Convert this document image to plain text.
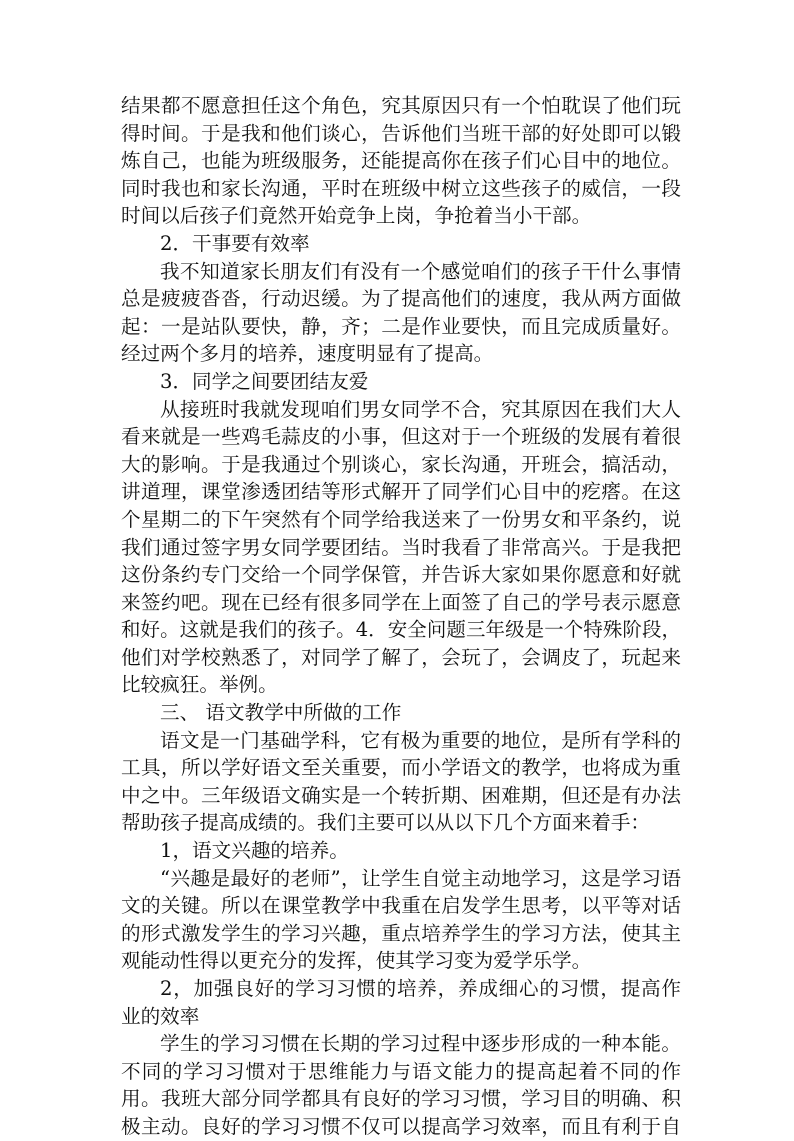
结果都不愿意担任这个角色，究其原因只有一个怕耽误了他们玩
得时间。于是我和他们谈心，告诉他们当班干部的好处即可以锻
炼自己，也能为班级服务，还能提高你在孩子们心目中的地位。
同时我也和家长沟通，平时在班级中树立这些孩子的威信，一段
时间以后孩子们竟然开始竞争上岗，争抢着当小干部。
2．干事要有效率
我不知道家长朋友们有没有一个感觉咱们的孩子干什么事情
总是疲疲沓沓，行动迟缓。为了提高他们的速度，我从两方面做
起：一是站队要快，静，齐；二是作业要快，而且完成质量好。
经过两个多月的培养，速度明显有了提高。
3．同学之间要团结友爱
从接班时我就发现咱们男女同学不合，究其原因在我们大人
看来就是一些鸡毛蒜皮的小事，但这对于一个班级的发展有着很
大的影响。于是我通过个别谈心，家长沟通，开班会，搞活动，
讲道理，课堂渗透团结等形式解开了同学们心目中的疙瘩。在这
个星期二的下午突然有个同学给我送来了一份男女和平条约，说
我们通过签字男女同学要团结。当时我看了非常高兴。于是我把
这份条约专门交给一个同学保管，并告诉大家如果你愿意和好就
来签约吧。现在已经有很多同学在上面签了自己的学号表示愿意
和好。这就是我们的孩子。4．安全问题三年级是一个特殊阶段，
他们对学校熟悉了，对同学了解了，会玩了，会调皮了，玩起来
比较疯狂。举例。
三、 语文教学中所做的工作
语文是一门基础学科，它有极为重要的地位，是所有学科的
工具，所以学好语文至关重要，而小学语文的教学，也将成为重
中之中。三年级语文确实是一个转折期、困难期，但还是有办法
帮助孩子提高成绩的。我们主要可以从以下几个方面来着手：
1，语文兴趣的培养。
“兴趣是最好的老师”，让学生自觉主动地学习，这是学习语
文的关键。所以在课堂教学中我重在启发学生思考，以平等对话
的形式激发学生的学习兴趣，重点培养学生的学习方法，使其主
观能动性得以更充分的发挥，使其学习变为爱学乐学。
2，加强良好的学习习惯的培养，养成细心的习惯，提高作
业的效率
学生的学习习惯在长期的学习过程中逐步形成的一种本能。
不同的学习习惯对于思维能力与语文能力的提高起着不同的作
用。我班大部分同学都具有良好的学习习惯，学习目的明确、积
极主动。良好的学习习惯不仅可以提高学习效率，而且有利于自
